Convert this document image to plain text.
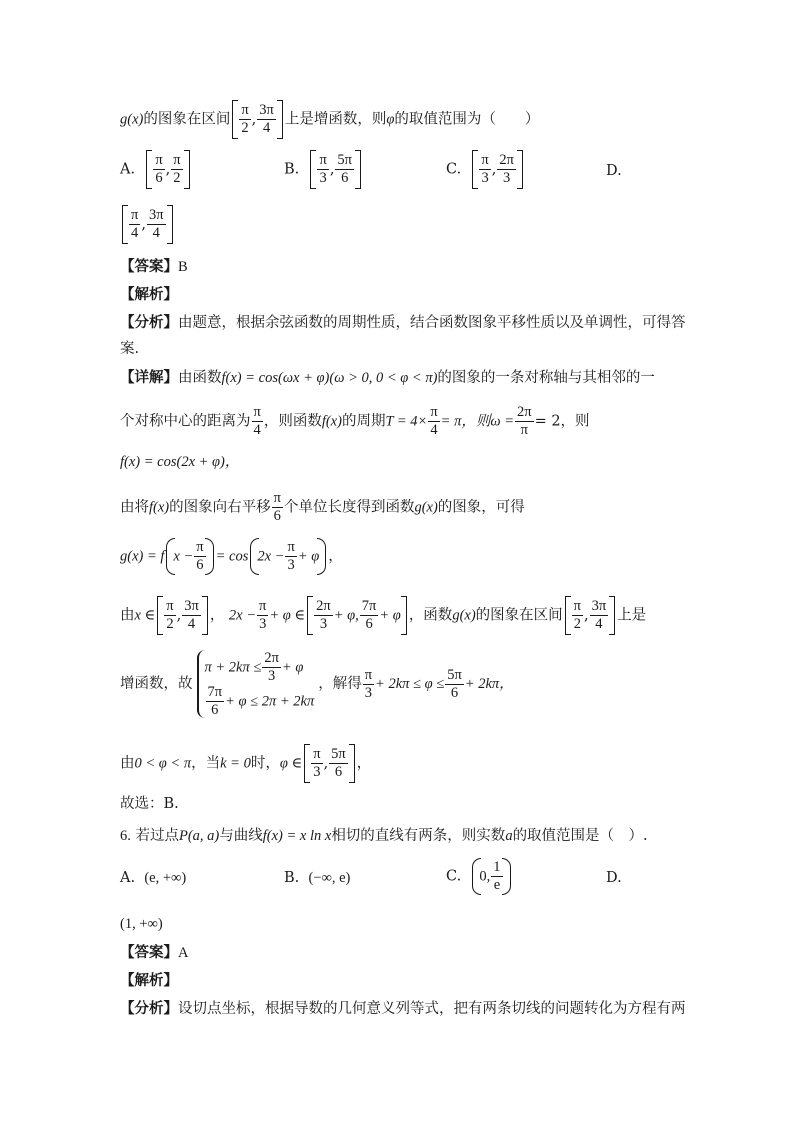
g(x)的图象在区间 $\frac{\pi}{2}$ , $\frac{3\pi}{4}$ 上是增函数，则φ的取值范围为（　　）
A. $\frac{\pi}{6}$ , $\frac{\pi}{2}$	B. $\frac{\pi}{3}$ , $\frac{5\pi}{6}$	C. $\frac{\pi}{3}$ , $\frac{2\pi}{3}$	D.
$\frac{\pi}{4}$ , $\frac{3\pi}{4}$
【答案】B
【解析】
【分析】由题意，根据余弦函数的周期性质，结合函数图象平移性质以及单调性，可得答
案.
【详解】由函数f(x) = cos(ωx + φ)(ω > 0, 0 < φ < π)的图象的一条对称轴与其相邻的一
个对称中心的距离为 $\frac{\pi}{4}$ ，则函数f(x)的周期$T = 4\times \frac{\pi}{4} = \pi$，则$\omega = \frac{2\pi}{\pi} = 2$，则
f(x) = cos(2x + φ)，
由将f(x)的图象向右平移 $\frac{\pi}{6}$ 个单位长度得到函数g(x)的图象，可得
g(x) = f $x - \frac{\pi}{6} = \cos 2x - \frac{\pi}{3} + \varphi$ ，
由x ∈ $\frac{\pi}{2}$ , $\frac{3\pi}{4}$ ， $2x - \frac{\pi}{3} + \varphi$ ∈ $\frac{2\pi}{3} + \varphi$, $\frac{7\pi}{6} + \varphi$ ，函数g(x)的图象在区间 $\frac{\pi}{2}$ , $\frac{3\pi}{4}$ 上是
增函数，故
$\pi + 2k\pi \le \frac{2\pi}{3} + \varphi$
$\frac{7\pi}{6} + \varphi \le 2\pi + 2k\pi$
，解得 $\frac{\pi}{3} + 2k\pi \le \varphi \le \frac{5\pi}{6} + 2k\pi$，
由0 < φ < π，当k = 0时，φ ∈ $\frac{\pi}{3}$ , $\frac{5\pi}{6}$ ，
故选：B.
6. 若过点P(a, a)与曲线f(x) = x ln x相切的直线有两条，则实数a的取值范围是（　）.
A. (e, +∞)	B. (−∞, e)	C. 0, $\frac{1}{e}$	D.
(1, +∞)
【答案】A
【解析】
【分析】设切点坐标，根据导数的几何意义列等式，把有两条切线的问题转化为方程有两
